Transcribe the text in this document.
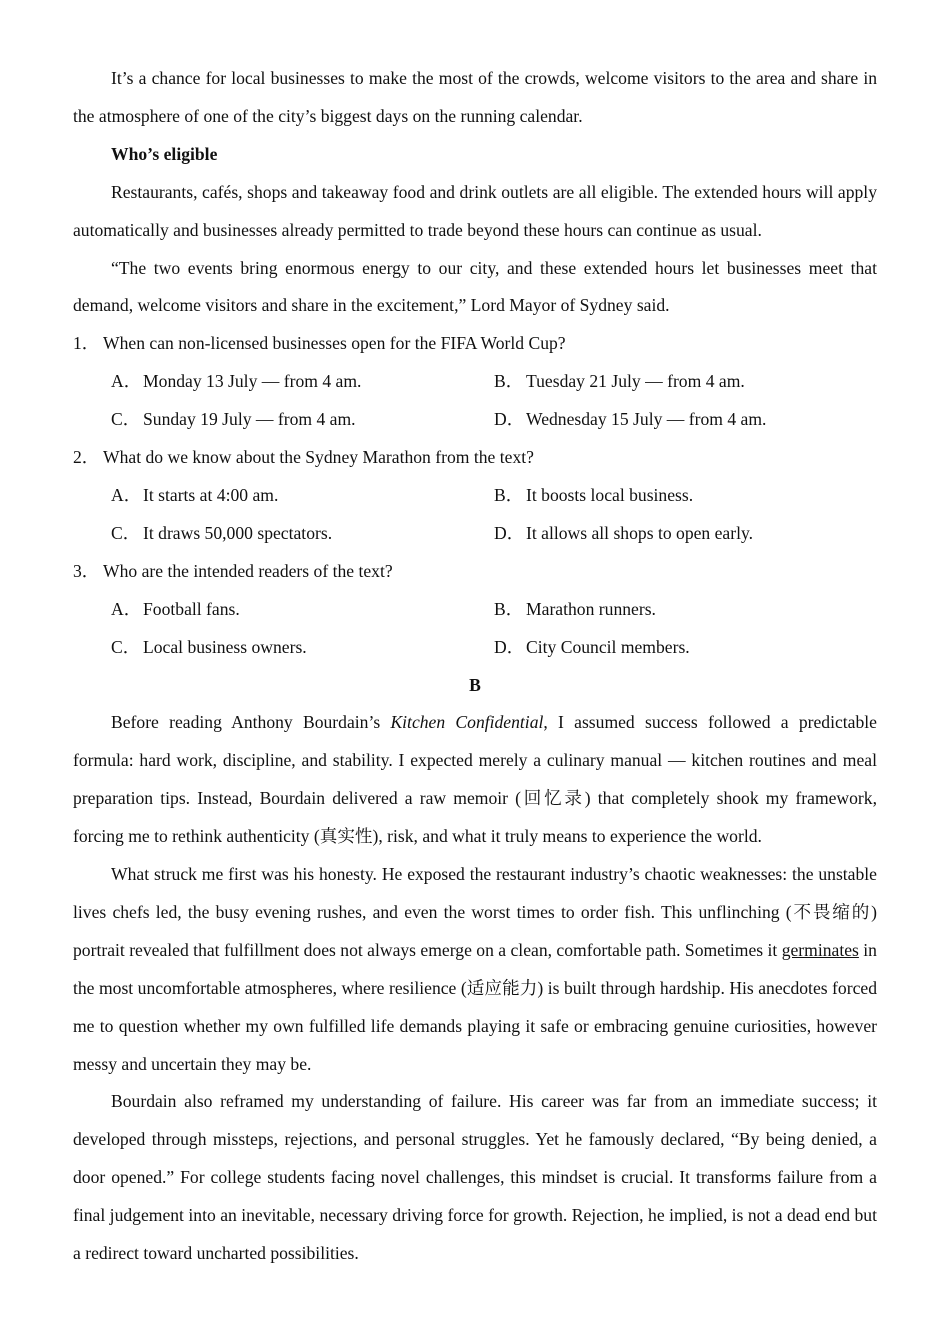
It’s a chance for local businesses to make the most of the crowds, welcome visitors to the area and share in the atmosphere of one of the city’s biggest days on the running calendar.

Who’s eligible

Restaurants, cafés, shops and takeaway food and drink outlets are all eligible. The extended hours will apply automatically and businesses already permitted to trade beyond these hours can continue as usual.

“The two events bring enormous energy to our city, and these extended hours let businesses meet that demand, welcome visitors and share in the excitement,” Lord Mayor of Sydney said.

1． When can non-licensed businesses open for the FIFA World Cup?
A．Monday 13 July — from 4 am.	B． Tuesday 21 July — from 4 am.
C． Sunday 19 July — from 4 am.	D．Wednesday 15 July — from 4 am.
2． What do we know about the Sydney Marathon from the text?
A．It starts at 4:00 am.	B． It boosts local business.
C． It draws 50,000 spectators.	D．It allows all shops to open early.
3． Who are the intended readers of the text?
A．Football fans.	B． Marathon runners.
C． Local business owners.	D．City Council members.
B

Before reading Anthony Bourdain’s Kitchen Confidential, I assumed success followed a predictable formula: hard work, discipline, and stability. I expected merely a culinary manual — kitchen routines and meal preparation tips. Instead, Bourdain delivered a raw memoir (回忆录) that completely shook my framework, forcing me to rethink authenticity (真实性), risk, and what it truly means to experience the world.

What struck me first was his honesty. He exposed the restaurant industry’s chaotic weaknesses: the unstable lives chefs led, the busy evening rushes, and even the worst times to order fish. This unflinching (不畏缩的) portrait revealed that fulfillment does not always emerge on a clean, comfortable path. Sometimes it germinates in the most uncomfortable atmospheres, where resilience (适应能力) is built through hardship. His anecdotes forced me to question whether my own fulfilled life demands playing it safe or embracing genuine curiosities, however messy and uncertain they may be.

Bourdain also reframed my understanding of failure. His career was far from an immediate success; it developed through missteps, rejections, and personal struggles. Yet he famously declared, “By being denied, a door opened.” For college students facing novel challenges, this mindset is crucial. It transforms failure from a final judgement into an inevitable, necessary driving force for growth. Rejection, he implied, is not a dead end but a redirect toward uncharted possibilities.
